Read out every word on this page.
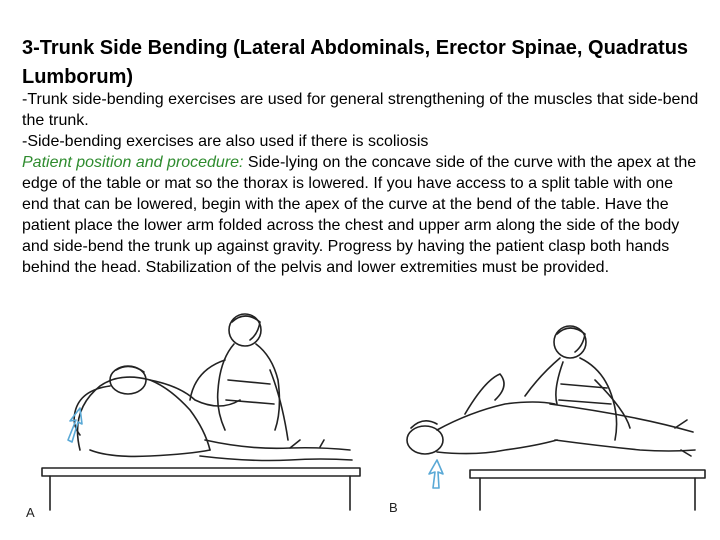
3-Trunk Side Bending (Lateral Abdominals, Erector Spinae, Quadratus Lumborum)

-Trunk side-bending exercises are used for general strengthening of the muscles that side-bend the trunk.

-Side-bending exercises are also used if there is scoliosis

Patient position and procedure: Side-lying on the concave side of the curve with the apex at the edge of the table or mat so the thorax is lowered. If you have access to a split table with one end that can be lowered, begin with the apex of the curve at the bend of the table. Have the patient place the lower arm folded across the chest and upper arm along the side of the body and side-bend the trunk up against gravity. Progress by having the patient clasp both hands behind the head. Stabilization of the pelvis and lower extremities must be provided.

A	B
